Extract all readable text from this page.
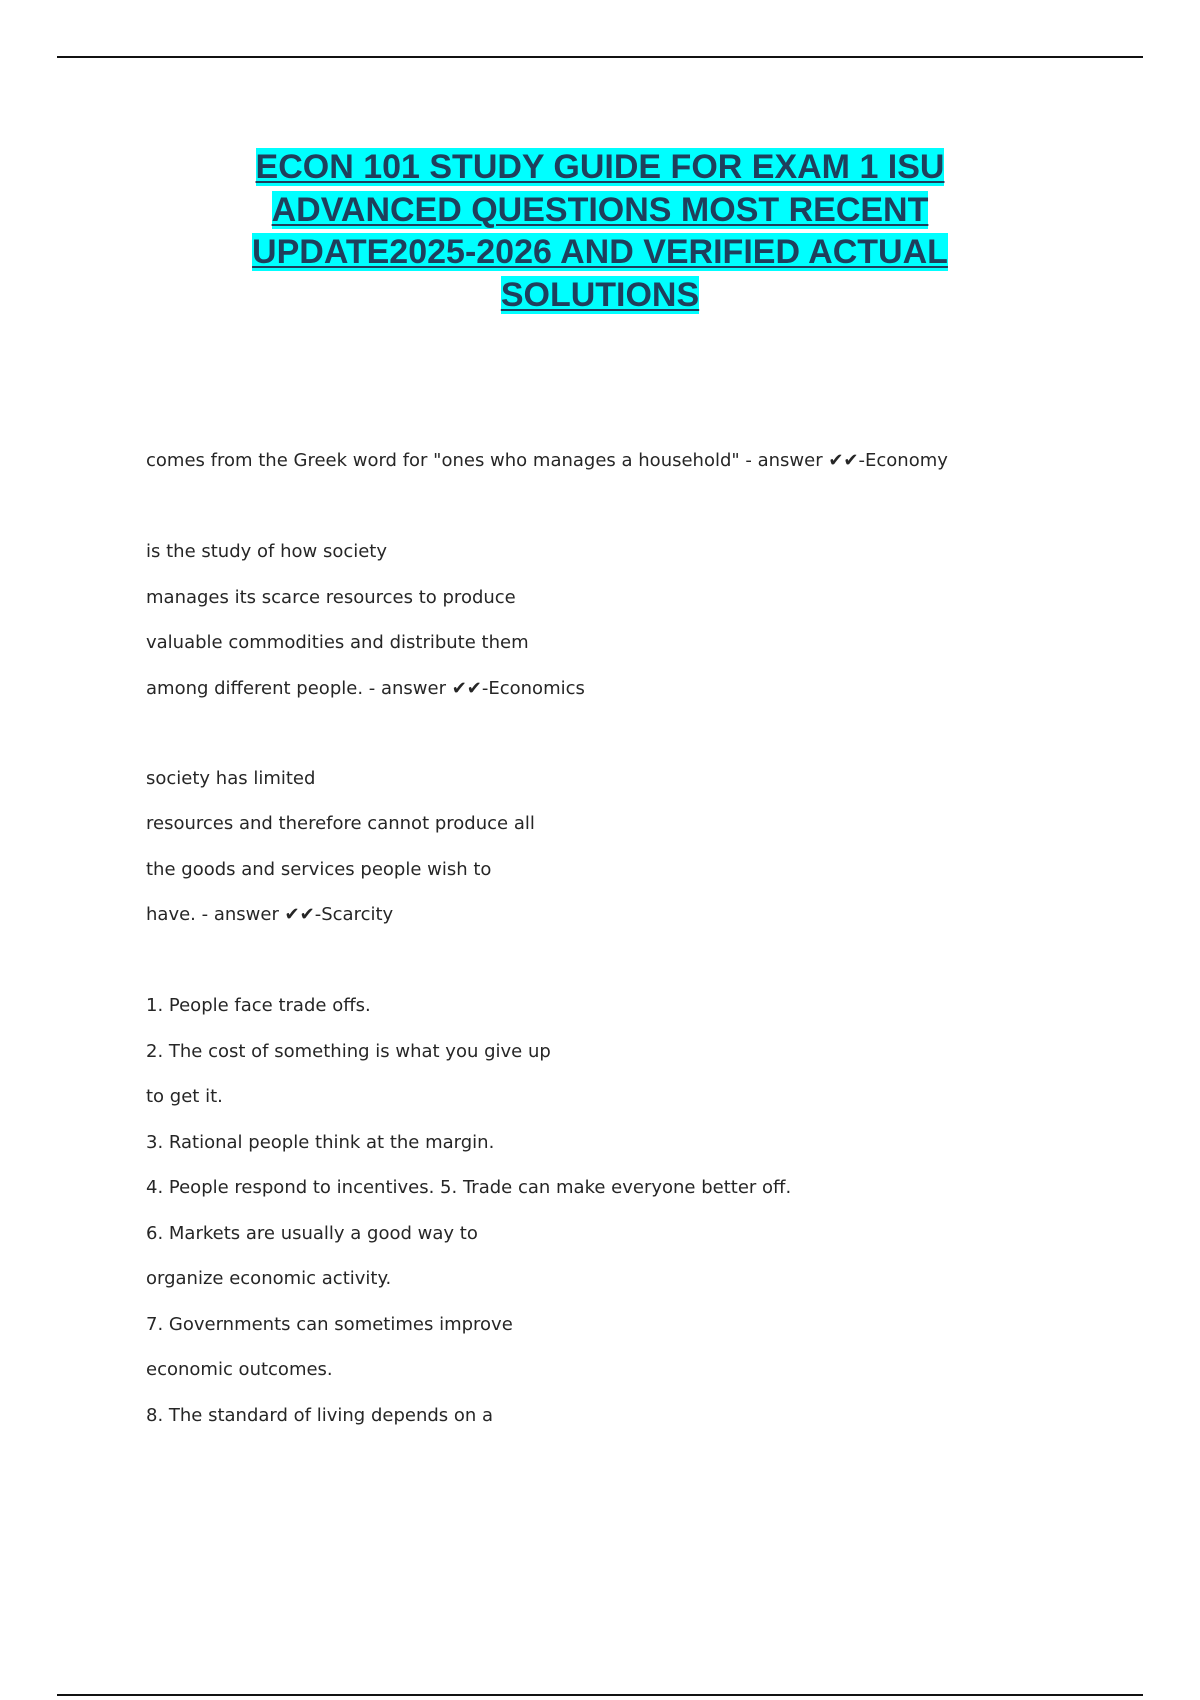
ECON 101 STUDY GUIDE FOR EXAM 1 ISU
ADVANCED QUESTIONS MOST RECENT
UPDATE2025-2026 AND VERIFIED ACTUAL
SOLUTIONS
comes from the Greek word for "ones who manages a household" - answer ✔✔-Economy
is the study of how society
manages its scarce resources to produce
valuable commodities and distribute them
among different people. - answer ✔✔-Economics
society has limited
resources and therefore cannot produce all
the goods and services people wish to
have. - answer ✔✔-Scarcity
1. People face trade offs.
2. The cost of something is what you give up
to get it.
3. Rational people think at the margin.
4. People respond to incentives. 5. Trade can make everyone better off.
6. Markets are usually a good way to
organize economic activity.
7. Governments can sometimes improve
economic outcomes.
8. The standard of living depends on a
